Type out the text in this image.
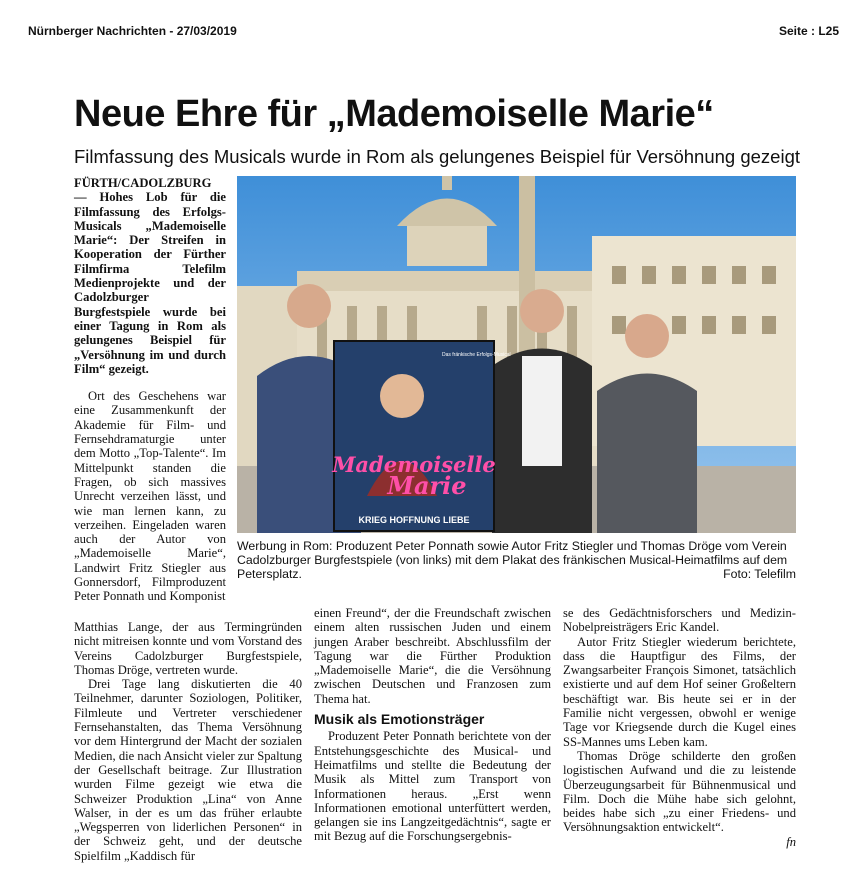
Nürnberger Nachrichten - 27/03/2019	Seite : L25
Neue Ehre für „Mademoiselle Marie“
Filmfassung des Musicals wurde in Rom als gelungenes Beispiel für Versöhnung gezeigt

FÜRTH/CADOLZBURG — Hohes Lob für die Filmfassung des Erfolgs-Musicals „Mademoiselle Marie“: Der Streifen in Kooperation der Fürther Filmfirma Telefilm Medienprojekte und der Cadolzburger Burgfestspiele wurde bei einer Tagung in Rom als gelungenes Beispiel für „Versöhnung im und durch Film“ gezeigt.

Ort des Geschehens war eine Zusammenkunft der Akademie für Film- und Fernsehdramaturgie unter dem Motto „Top-Talente“. Im Mittelpunkt standen die Fragen, ob sich massives Unrecht verzeihen lässt, und wie man lernen kann, zu verzeihen. Eingeladen waren auch der Autor von „Mademoiselle Marie“, Landwirt Fritz Stiegler aus Gonnersdorf, Filmproduzent Peter Ponnath und Komponist

Matthias Lange, der aus Termingründen nicht mitreisen konnte und vom Vorstand des Vereins Cadolzburger Burgfestspiele, Thomas Dröge, vertreten wurde.

Drei Tage lang diskutierten die 40 Teilnehmer, darunter Soziologen, Politiker, Filmleute und Vertreter verschiedener Fernsehanstalten, das Thema Versöhnung vor dem Hintergrund der Macht der sozialen Medien, die nach Ansicht vieler zur Spaltung der Gesellschaft beitrage. Zur Illustration wurden Filme gezeigt wie etwa die Schweizer Produktion „Lina“ von Anne Walser, in der es um das früher erlaubte „Wegsperren von liderlichen Personen“ in der Schweiz geht, und der deutsche Spielfilm „Kaddisch für

einen Freund“, der die Freundschaft zwischen einem alten russischen Juden und einem jungen Araber beschreibt. Abschlussfilm der Tagung war die Fürther Produktion „Mademoiselle Marie“, die die Versöhnung zwischen Deutschen und Franzosen zum Thema hat.

Musik als Emotionsträger

Produzent Peter Ponnath berichtete von der Entstehungsgeschichte des Musical- und Heimatfilms und stellte die Bedeutung der Musik als Mittel zum Transport von Informationen heraus. „Erst wenn Informationen emotional unterfüttert werden, gelangen sie ins Langzeitgedächtnis“, sagte er mit Bezug auf die Forschungsergebnis-

se des Gedächtnisforschers und Medizin-Nobelpreisträgers Eric Kandel.

Autor Fritz Stiegler wiederum berichtete, dass die Hauptfigur des Films, der Zwangsarbeiter François Simonet, tatsächlich existierte und auf dem Hof seiner Großeltern beschäftigt war. Bis heute sei er in der Familie nicht vergessen, obwohl er wenige Tage vor Kriegsende durch die Kugel eines SS-Mannes ums Leben kam.

Thomas Dröge schilderte den großen logistischen Aufwand und die zu leistende Überzeugungsarbeit für Bühnenmusical und Film. Doch die Mühe habe sich gelohnt, beides habe sich „zu einer Friedens- und Versöhnungsaktion entwickelt“.

fn

Das fränkische Erfolgs-Musical
Mademoiselle
Marie
KRIEG HOFFNUNG LIEBE
Werbung in Rom: Produzent Peter Ponnath sowie Autor Fritz Stiegler und Thomas Dröge vom Verein Cadolzburger Burgfestspiele (von links) mit dem Plakat des fränkischen Musical-Heimatfilms auf dem Petersplatz.	Foto: Telefilm
